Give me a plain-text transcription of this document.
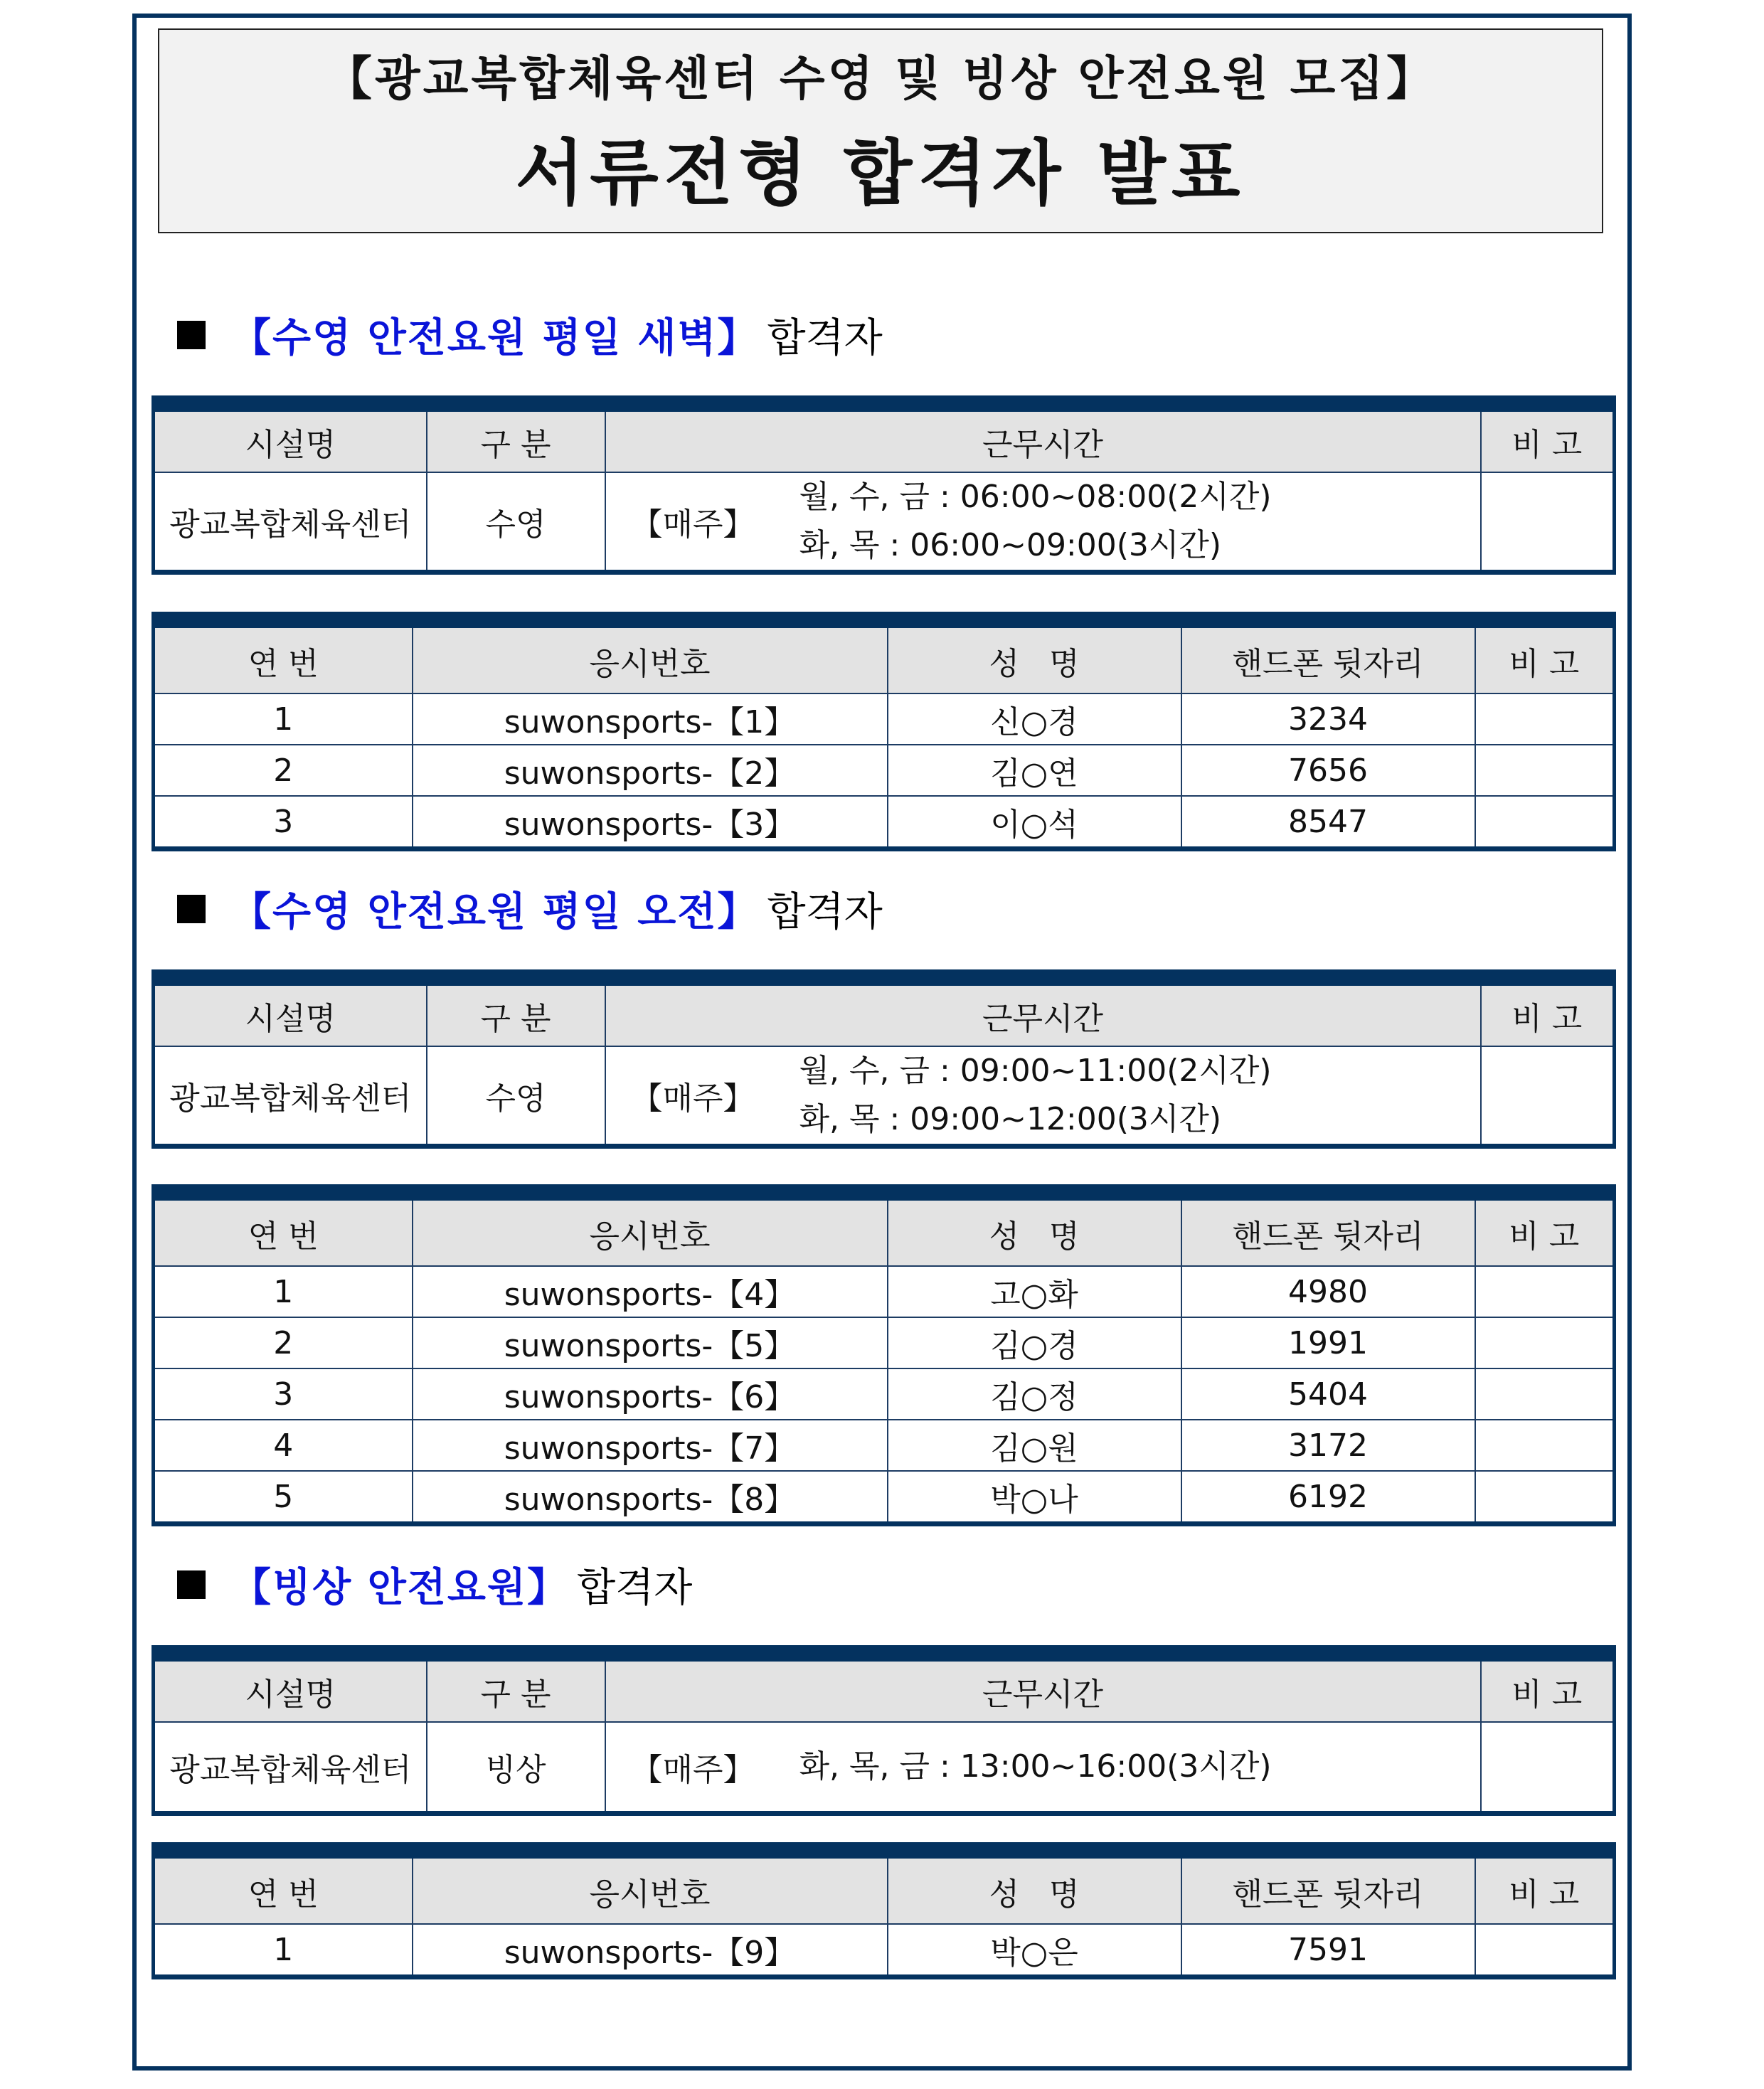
【광교복합체육센터 수영 및 빙상 안전요원 모집】
서류전형 합격자 발표
【수영 안전요원 평일 새벽】 합격자
시설명	구 분	근무시간	비 고
광교복합체육센터	수영	【매주】
월, 수, 금 : 06:00~08:00(2시간)
화, 목 : 06:00~09:00(3시간)	

연 번	응시번호	성   명	핸드폰 뒷자리	비 고
1	suwonsports-【1】	신○경	3234	
2	suwonsports-【2】	김○연	7656	
3	suwonsports-【3】	이○석	8547	
【수영 안전요원 평일 오전】 합격자
시설명	구 분	근무시간	비 고
광교복합체육센터	수영	【매주】
월, 수, 금 : 09:00~11:00(2시간)
화, 목 : 09:00~12:00(3시간)	

연 번	응시번호	성   명	핸드폰 뒷자리	비 고
1	suwonsports-【4】	고○화	4980	
2	suwonsports-【5】	김○경	1991	
3	suwonsports-【6】	김○정	5404	
4	suwonsports-【7】	김○원	3172	
5	suwonsports-【8】	박○나	6192	
【빙상 안전요원】 합격자
시설명	구 분	근무시간	비 고
광교복합체육센터	빙상	【매주】 화, 목, 금 : 13:00~16:00(3시간)	

연 번	응시번호	성   명	핸드폰 뒷자리	비 고
1	suwonsports-【9】	박○은	7591	
